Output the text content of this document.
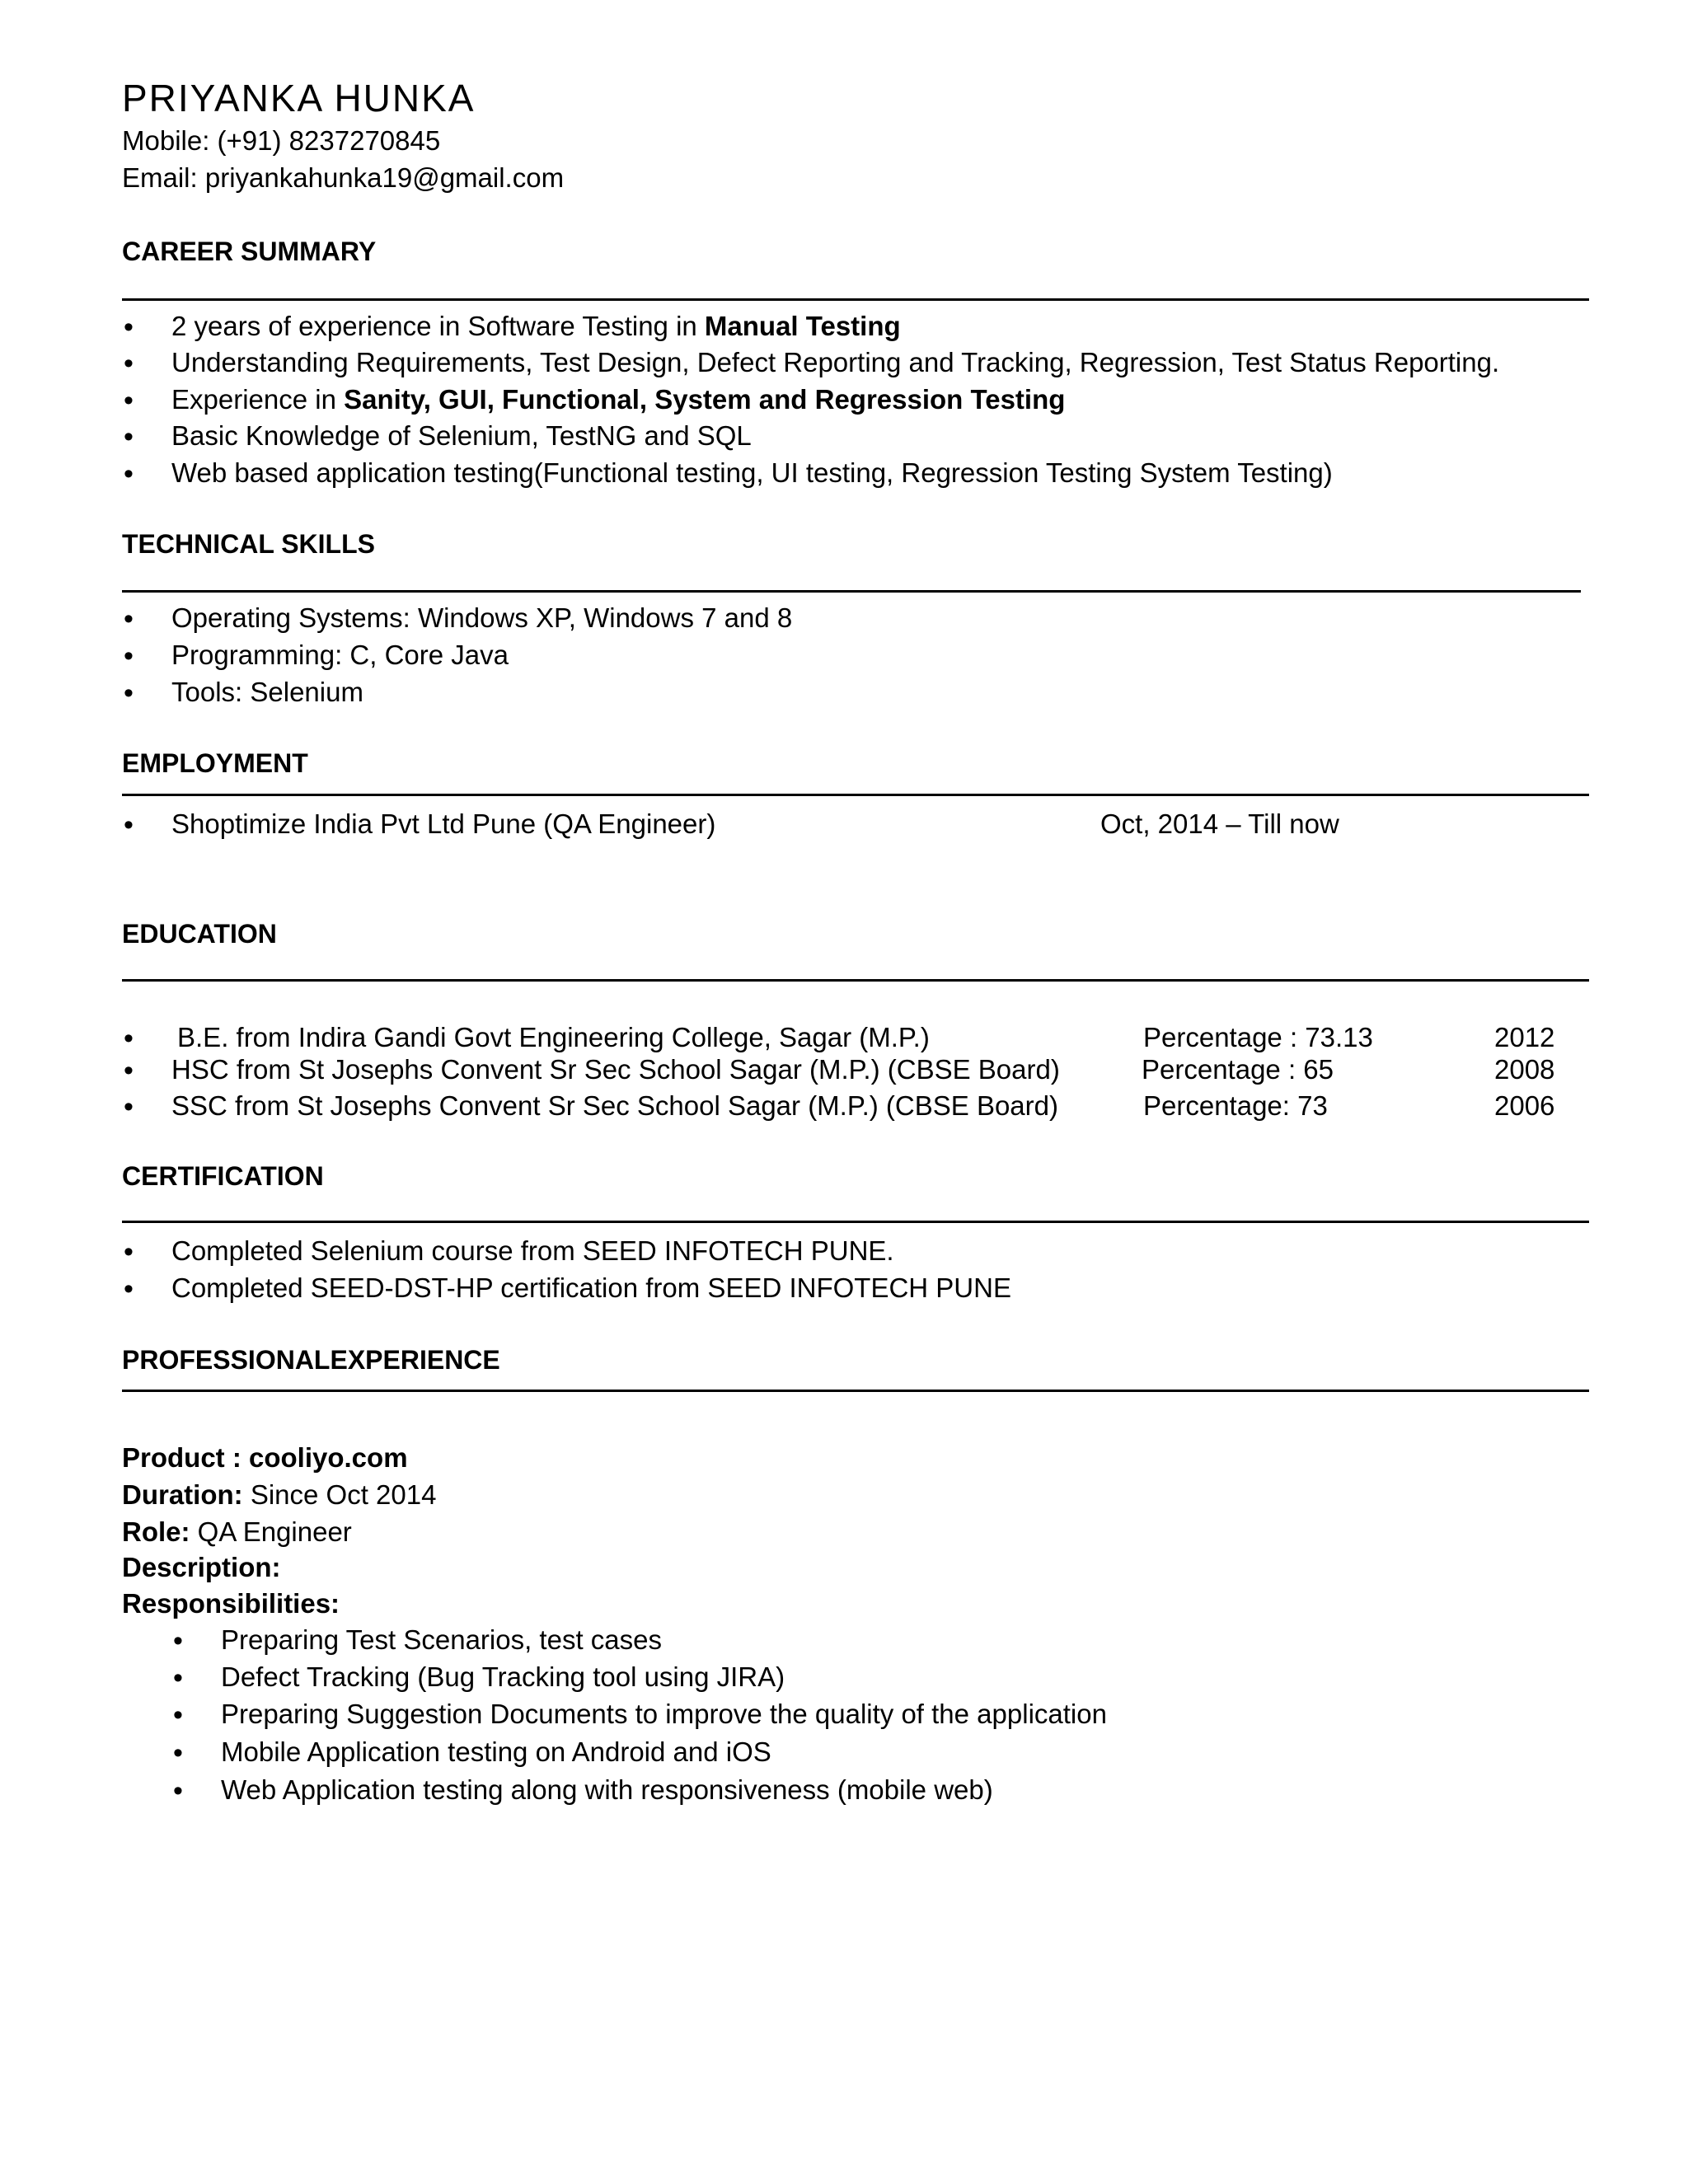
PRIYANKA HUNKA
Mobile: (+91) 8237270845
Email: priyankahunka19@gmail.com
CAREER SUMMARY
• 2 years of experience in Software Testing in Manual Testing
• Understanding Requirements, Test Design, Defect Reporting and Tracking, Regression, Test Status Reporting.
• Experience in Sanity, GUI, Functional, System and Regression Testing
• Basic Knowledge of Selenium, TestNG and SQL
• Web based application testing(Functional testing, UI testing, Regression Testing System Testing)
TECHNICAL SKILLS
• Operating Systems: Windows XP, Windows 7 and 8
• Programming: C, Core Java
• Tools: Selenium
EMPLOYMENT
• Shoptimize India Pvt Ltd Pune (QA Engineer)	Oct, 2014 – Till now
EDUCATION
• B.E. from Indira Gandi Govt Engineering College, Sagar (M.P.)	Percentage : 73.13	2012
• HSC from St Josephs Convent Sr Sec School Sagar (M.P.) (CBSE Board)	Percentage : 65	2008
• SSC from St Josephs Convent Sr Sec School Sagar (M.P.) (CBSE Board)	Percentage: 73	2006
CERTIFICATION
• Completed Selenium course from SEED INFOTECH PUNE.
• Completed SEED-DST-HP certification from SEED INFOTECH PUNE
PROFESSIONALEXPERIENCE
Product : cooliyo.com
Duration: Since Oct 2014
Role: QA Engineer
Description:
Responsibilities:
• Preparing Test Scenarios, test cases
• Defect Tracking (Bug Tracking tool using JIRA)
• Preparing Suggestion Documents to improve the quality of the application
• Mobile Application testing on Android and iOS
• Web Application testing along with responsiveness (mobile web)
